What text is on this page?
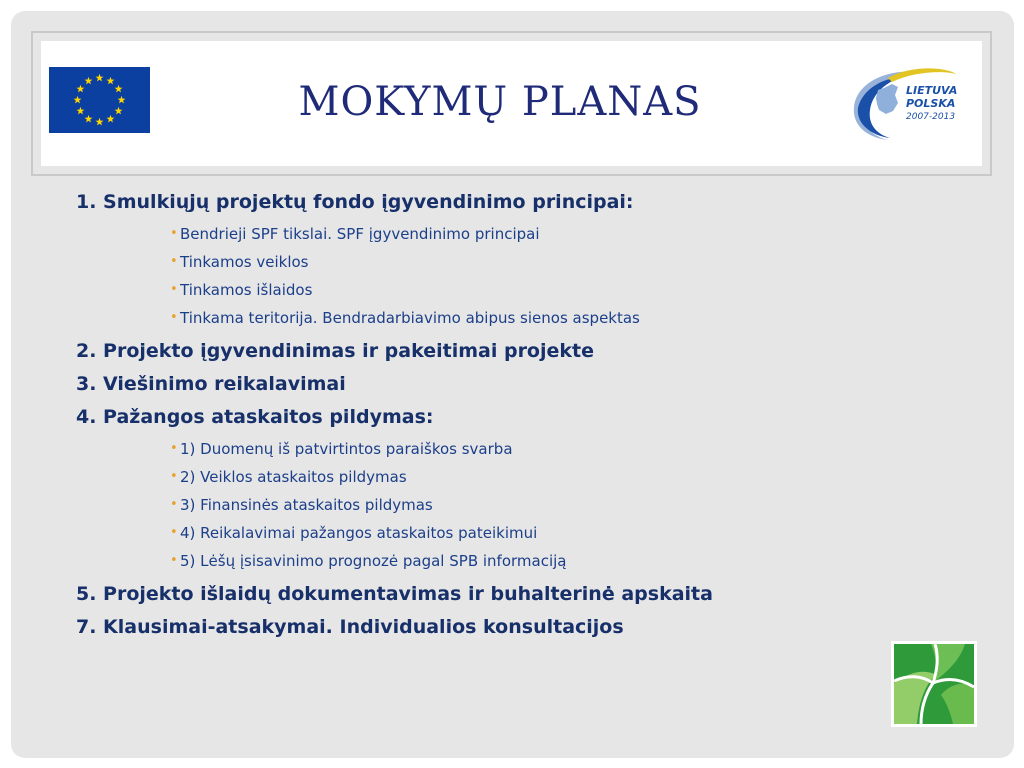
MOKYMŲ PLANAS	LIETUVA
POLSKA
2007-2013
1. Smulkiųjų projektų fondo įgyvendinimo principai:
• Bendrieji SPF tikslai. SPF įgyvendinimo principai
• Tinkamos veiklos
• Tinkamos išlaidos
• Tinkama teritorija. Bendradarbiavimo abipus sienos aspektas
2. Projekto įgyvendinimas ir pakeitimai projekte
3. Viešinimo reikalavimai
4. Pažangos ataskaitos pildymas:
• 1) Duomenų iš patvirtintos paraiškos svarba
• 2) Veiklos ataskaitos pildymas
• 3) Finansinės ataskaitos pildymas
• 4) Reikalavimai pažangos ataskaitos pateikimui
• 5) Lėšų įsisavinimo prognozė pagal SPB informaciją
5. Projekto išlaidų dokumentavimas ir buhalterinė apskaita
7. Klausimai-atsakymai. Individualios konsultacijos
